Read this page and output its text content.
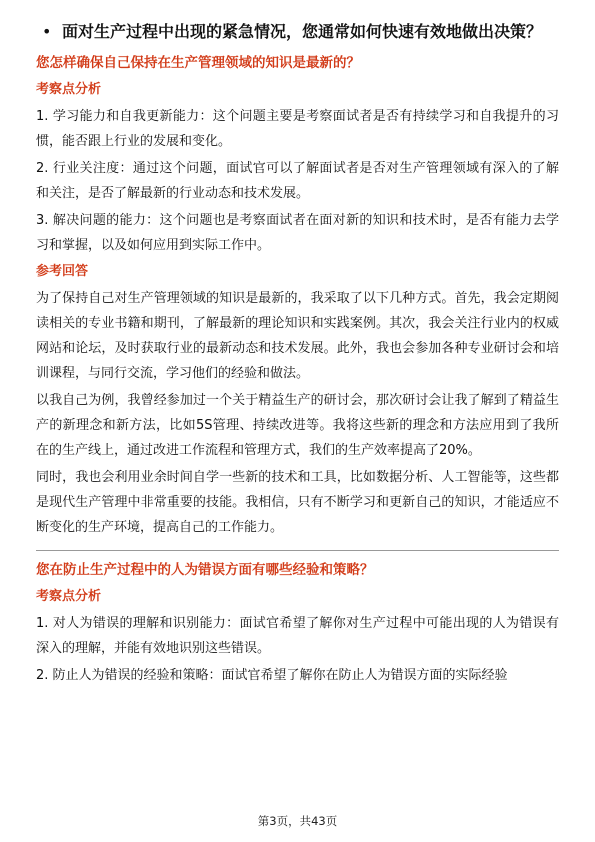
• 面对生产过程中出现的紧急情况，您通常如何快速有效地做出决策？
您怎样确保自己保持在生产管理领域的知识是最新的？
考察点分析

1. 学习能力和自我更新能力：这个问题主要是考察面试者是否有持续学习和自我提升的习惯，能否跟上行业的发展和变化。

2. 行业关注度：通过这个问题，面试官可以了解面试者是否对生产管理领域有深入的了解和关注，是否了解最新的行业动态和技术发展。

3. 解决问题的能力：这个问题也是考察面试者在面对新的知识和技术时，是否有能力去学习和掌握，以及如何应用到实际工作中。

参考回答

为了保持自己对生产管理领域的知识是最新的，我采取了以下几种方式。首先，我会定期阅读相关的专业书籍和期刊，了解最新的理论知识和实践案例。其次，我会关注行业内的权威网站和论坛，及时获取行业的最新动态和技术发展。此外，我也会参加各种专业研讨会和培训课程，与同行交流，学习他们的经验和做法。

以我自己为例，我曾经参加过一个关于精益生产的研讨会，那次研讨会让我了解到了精益生产的新理念和新方法，比如5S管理、持续改进等。我将这些新的理念和方法应用到了我所在的生产线上，通过改进工作流程和管理方式，我们的生产效率提高了20%。

同时，我也会利用业余时间自学一些新的技术和工具，比如数据分析、人工智能等，这些都是现代生产管理中非常重要的技能。我相信，只有不断学习和更新自己的知识，才能适应不断变化的生产环境，提高自己的工作能力。

您在防止生产过程中的人为错误方面有哪些经验和策略？
考察点分析

1. 对人为错误的理解和识别能力：面试官希望了解你对生产过程中可能出现的人为错误有深入的理解，并能有效地识别这些错误。

2. 防止人为错误的经验和策略：面试官希望了解你在防止人为错误方面的实际经验

第3页，共43页
